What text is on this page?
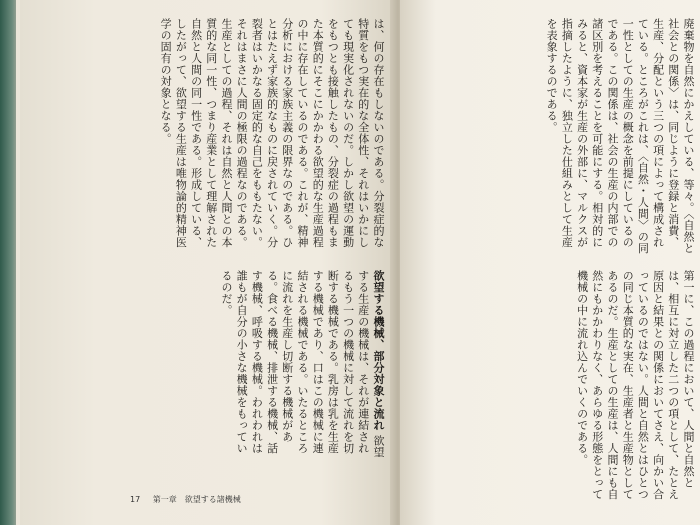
は、何の存在もしないのである。分裂症的な特質をもつ実在的な全体性、それはいかにしても現実化されないのだ。しかし欲望の運動をもつとも接触したもの、分裂症の過程もまた本質的にそこにかかわる欲望的な生産過程の中に存在しているのである。これが、精神分析における家族主義の限界なのである。ひとはたえず家族的なものに戻されていく。分裂者はいかなる固定的な自己をももたない。それはまさに人間の極限の過程なのである。生産としての過程、それは自然と人間との本質的な同一性、つまり産業として理解された自然と人間の同一性である。形成している、したがって、欲望する生産は唯物論的精神医学の固有の対象となる。
欲望する機械、部分対象と流れ 欲望する生産の機械は、それが連結されるもう一つの機械に対して流れを切断する機械である。乳房は乳を生産する機械であり、口はこの機械に連結される機械である。いたるところに流れを生産し切断する機械がある。食べる機械、排泄する機械、話す機械、呼吸する機械。われわれは誰もが自分の小さな機械をもっているのだ。
17 第一章　欲望する諸機械
廃棄物を自然にかえしている、等々。〈自然と社会との関係〉は、同じように登録と消費、生産、分配という三つの項によって構成されている。ところがこれは、〈自然・人間〉の同一性としての生産の概念を前提にしているのである。この関係は、社会の生産の内部での諸区別を考えることを可能にする。相対的にみると、資本家が生産の外部に、マルクスが指摘したように、独立した仕組みとして生産を表象するのである。
第一に、この過程において、人間と自然とは、相互に対立した二つの項として、たとえ原因と結果との関係においてさえ、向かい合っているのではない。人間と自然とはひとつの同じ本質的な実在、生産者と生産物としてあるのだ。生産としての生産は、人間にも自然にもかかわりなく、あらゆる形態をとって機械の中に流れ込んでいくのである。
